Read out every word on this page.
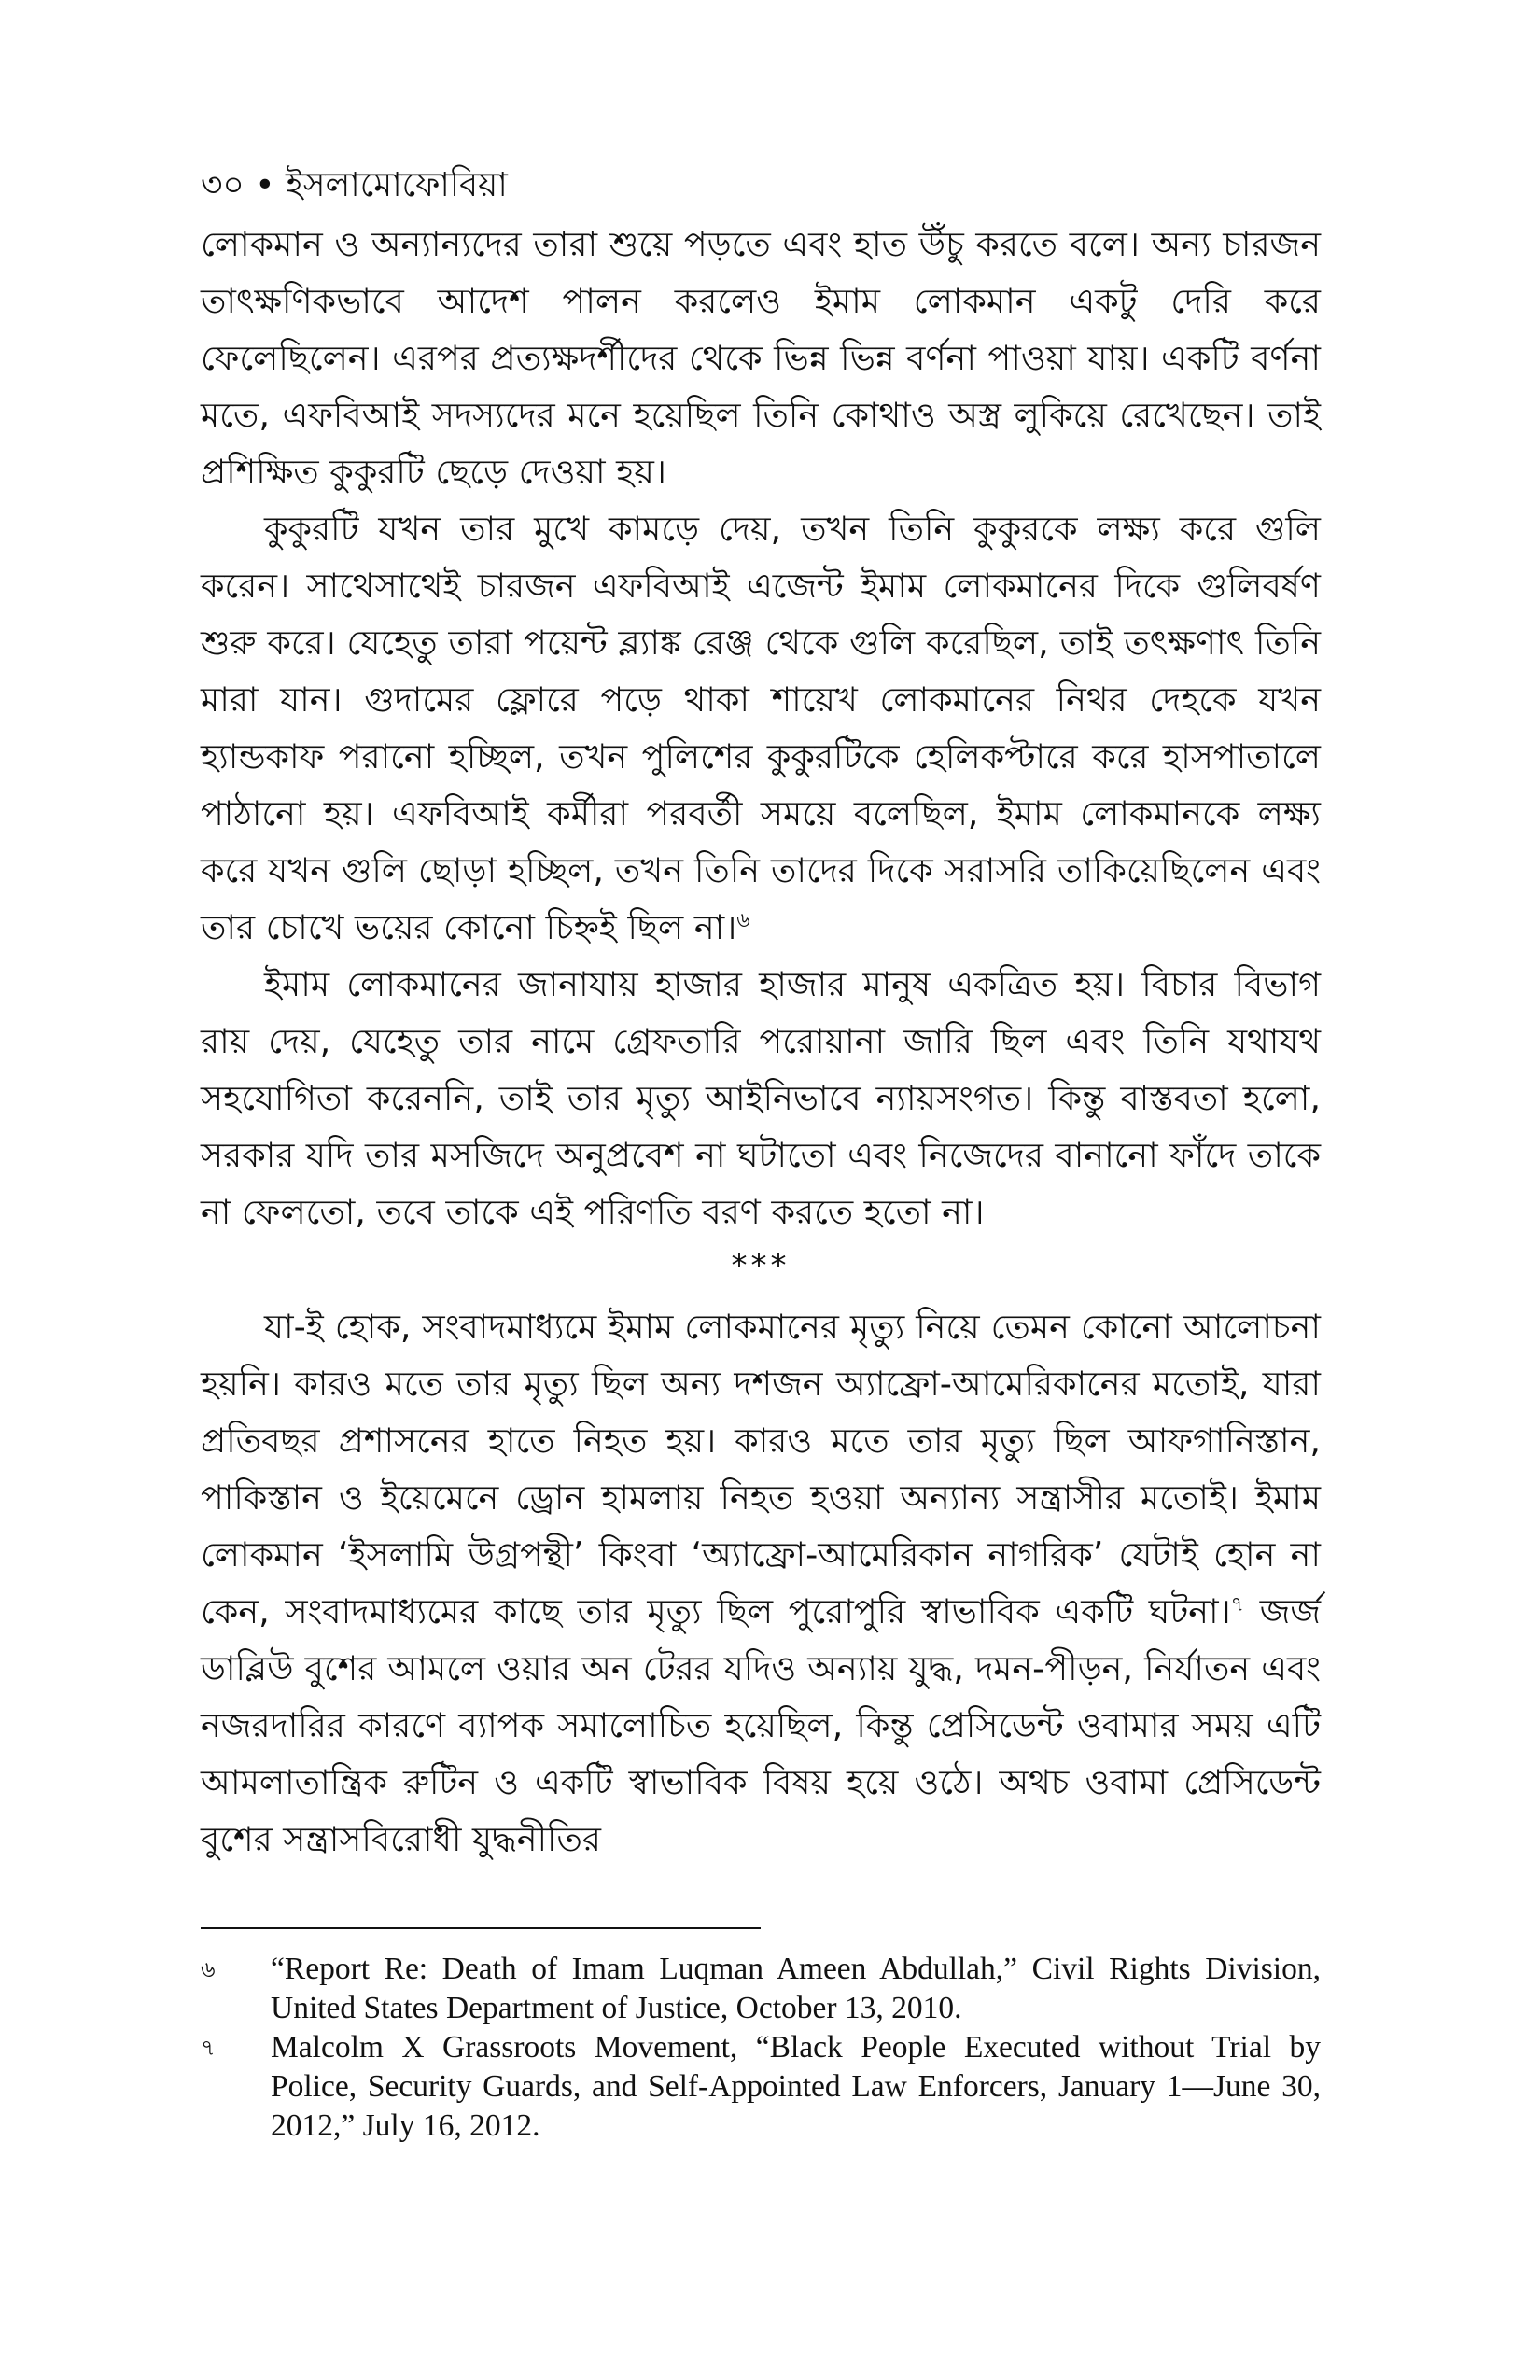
৩০ • ইসলামোফোবিয়া

লোকমান ও অন্যান্যদের তারা শুয়ে পড়তে এবং হাত উঁচু করতে বলে। অন্য চারজন তাৎক্ষণিকভাবে আদেশ পালন করলেও ইমাম লোকমান একটু দেরি করে ফেলেছিলেন। এরপর প্রত্যক্ষদর্শীদের থেকে ভিন্ন ভিন্ন বর্ণনা পাওয়া যায়। একটি বর্ণনা মতে, এফবিআই সদস্যদের মনে হয়েছিল তিনি কোথাও অস্ত্র লুকিয়ে রেখেছেন। তাই প্রশিক্ষিত কুকুরটি ছেড়ে দেওয়া হয়।

কুকুরটি যখন তার মুখে কামড়ে দেয়, তখন তিনি কুকুরকে লক্ষ্য করে গুলি করেন। সাথেসাথেই চারজন এফবিআই এজেন্ট ইমাম লোকমানের দিকে গুলিবর্ষণ শুরু করে। যেহেতু তারা পয়েন্ট ব্ল্যাঙ্ক রেঞ্জ থেকে গুলি করেছিল, তাই তৎক্ষণাৎ তিনি মারা যান। গুদামের ফ্লোরে পড়ে থাকা শায়েখ লোকমানের নিথর দেহকে যখন হ্যান্ডকাফ পরানো হচ্ছিল, তখন পুলিশের কুকুরটিকে হেলিকপ্টারে করে হাসপাতালে পাঠানো হয়। এফবিআই কর্মীরা পরবর্তী সময়ে বলেছিল, ইমাম লোকমানকে লক্ষ্য করে যখন গুলি ছোড়া হচ্ছিল, তখন তিনি তাদের দিকে সরাসরি তাকিয়েছিলেন এবং তার চোখে ভয়ের কোনো চিহ্নই ছিল না।$^৬$

ইমাম লোকমানের জানাযায় হাজার হাজার মানুষ একত্রিত হয়। বিচার বিভাগ রায় দেয়, যেহেতু তার নামে গ্রেফতারি পরোয়ানা জারি ছিল এবং তিনি যথাযথ সহযোগিতা করেননি, তাই তার মৃত্যু আইনিভাবে ন্যায়সংগত। কিন্তু বাস্তবতা হলো, সরকার যদি তার মসজিদে অনুপ্রবেশ না ঘটাতো এবং নিজেদের বানানো ফাঁদে তাকে না ফেলতো, তবে তাকে এই পরিণতি বরণ করতে হতো না।

***

যা-ই হোক, সংবাদমাধ্যমে ইমাম লোকমানের মৃত্যু নিয়ে তেমন কোনো আলোচনা হয়নি। কারও মতে তার মৃত্যু ছিল অন্য দশজন অ্যাফ্রো-আমেরিকানের মতোই, যারা প্রতিবছর প্রশাসনের হাতে নিহত হয়। কারও মতে তার মৃত্যু ছিল আফগানিস্তান, পাকিস্তান ও ইয়েমেনে ড্রোন হামলায় নিহত হওয়া অন্যান্য সন্ত্রাসীর মতোই। ইমাম লোকমান ‘ইসলামি উগ্রপন্থী’ কিংবা ‘অ্যাফ্রো-আমেরিকান নাগরিক’ যেটাই হোন না কেন, সংবাদমাধ্যমের কাছে তার মৃত্যু ছিল পুরোপুরি স্বাভাবিক একটি ঘটনা।$^৭$ জর্জ ডাব্লিউ বুশের আমলে ওয়ার অন টেরর যদিও অন্যায় যুদ্ধ, দমন-পীড়ন, নির্যাতন এবং নজরদারির কারণে ব্যাপক সমালোচিত হয়েছিল, কিন্তু প্রেসিডেন্ট ওবামার সময় এটি আমলাতান্ত্রিক রুটিন ও একটি স্বাভাবিক বিষয় হয়ে ওঠে। অথচ ওবামা প্রেসিডেন্ট বুশের সন্ত্রাসবিরোধী যুদ্ধনীতির

৬	“Report Re: Death of Imam Luqman Ameen Abdullah,” Civil Rights Division, United States Department of Justice, October 13, 2010.
৭	Malcolm X Grassroots Movement, “Black People Executed without Trial by Police, Security Guards, and Self-Appointed Law Enforcers, January 1—June 30, 2012,” July 16, 2012.
